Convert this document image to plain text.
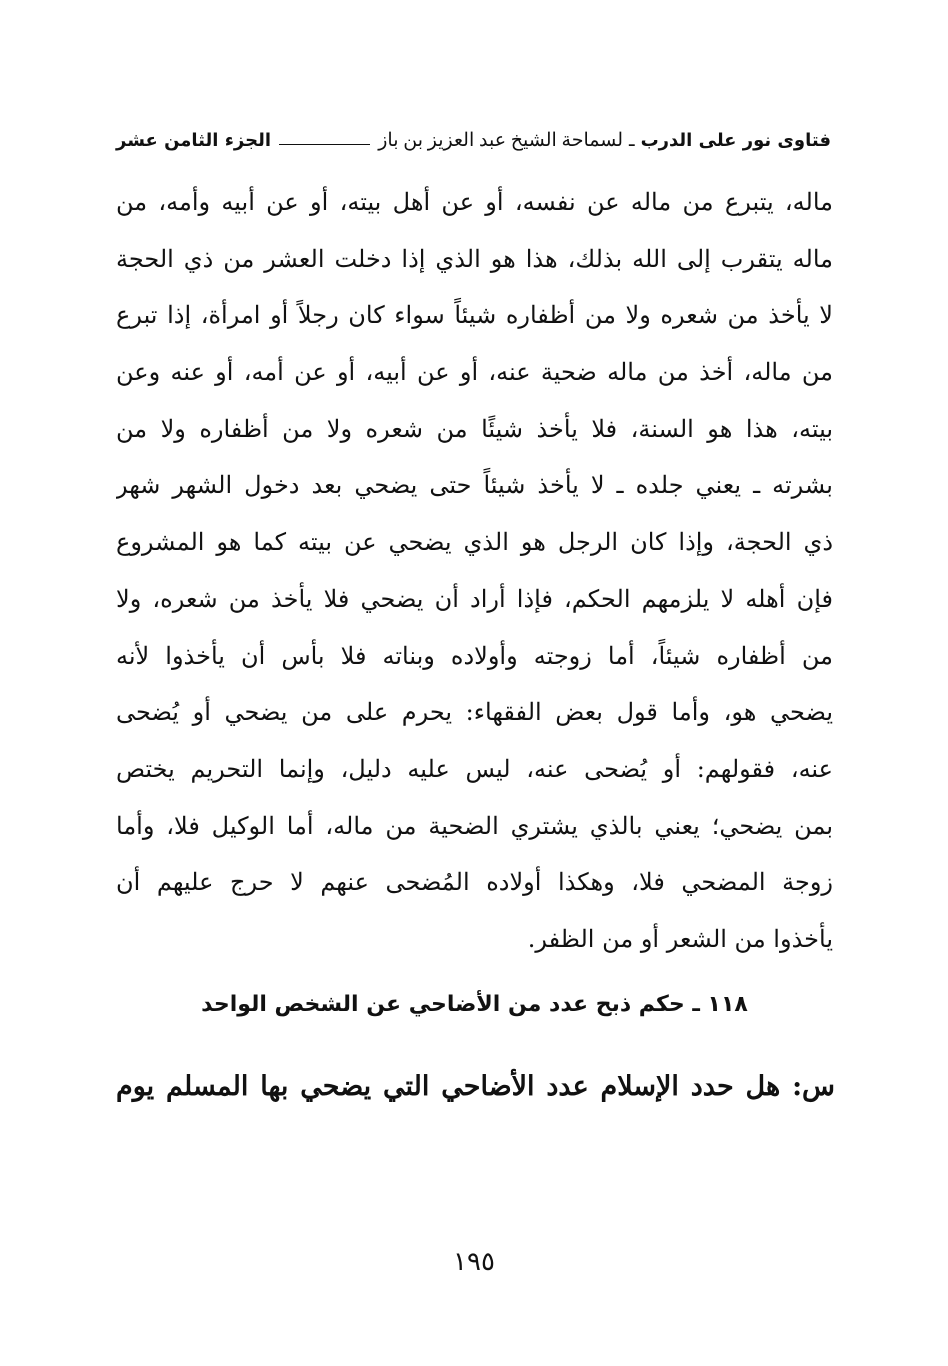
فتاوى نور على الدرب
ـ
لسماحة الشيخ عبد العزيز بن باز
الجزء الثامن عشر
ماله، يتبرع من ماله عن نفسه، أو عن أهل بيته، أو عن أبيه وأمه، من
ماله يتقرب إلى الله بذلك، هذا هو الذي إذا دخلت العشر من ذي الحجة
لا يأخذ من شعره ولا من أظفاره شيئاً سواء كان رجلاً أو امرأة، إذا تبرع
من ماله، أخذ من ماله ضحية عنه، أو عن أبيه، أو عن أمه، أو عنه وعن
بيته، هذا هو السنة، فلا يأخذ شيئًا من شعره ولا من أظفاره ولا من
بشرته ـ يعني جلده ـ لا يأخذ شيئاً حتى يضحي بعد دخول الشهر شهر
ذي الحجة، وإذا كان الرجل هو الذي يضحي عن بيته كما هو المشروع
فإن أهله لا يلزمهم الحكم، فإذا أراد أن يضحي فلا يأخذ من شعره، ولا
من أظفاره شيئاً، أما زوجته وأولاده وبناته فلا بأس أن يأخذوا لأنه
يضحي هو، وأما قول بعض الفقهاء: يحرم على من يضحي أو يُضحى
عنه، فقولهم: أو يُضحى عنه، ليس عليه دليل، وإنما التحريم يختص
بمن يضحي؛ يعني بالذي يشتري الضحية من ماله، أما الوكيل فلا، وأما
زوجة المضحي فلا، وهكذا أولاده المُضحى عنهم لا حرج عليهم أن
يأخذوا من الشعر أو من الظفر.
١١٨ ـ حكم ذبح عدد من الأضاحي عن الشخص الواحد
س: هل حدد الإسلام عدد الأضاحي التي يضحي بها المسلم يوم
١٩٥
